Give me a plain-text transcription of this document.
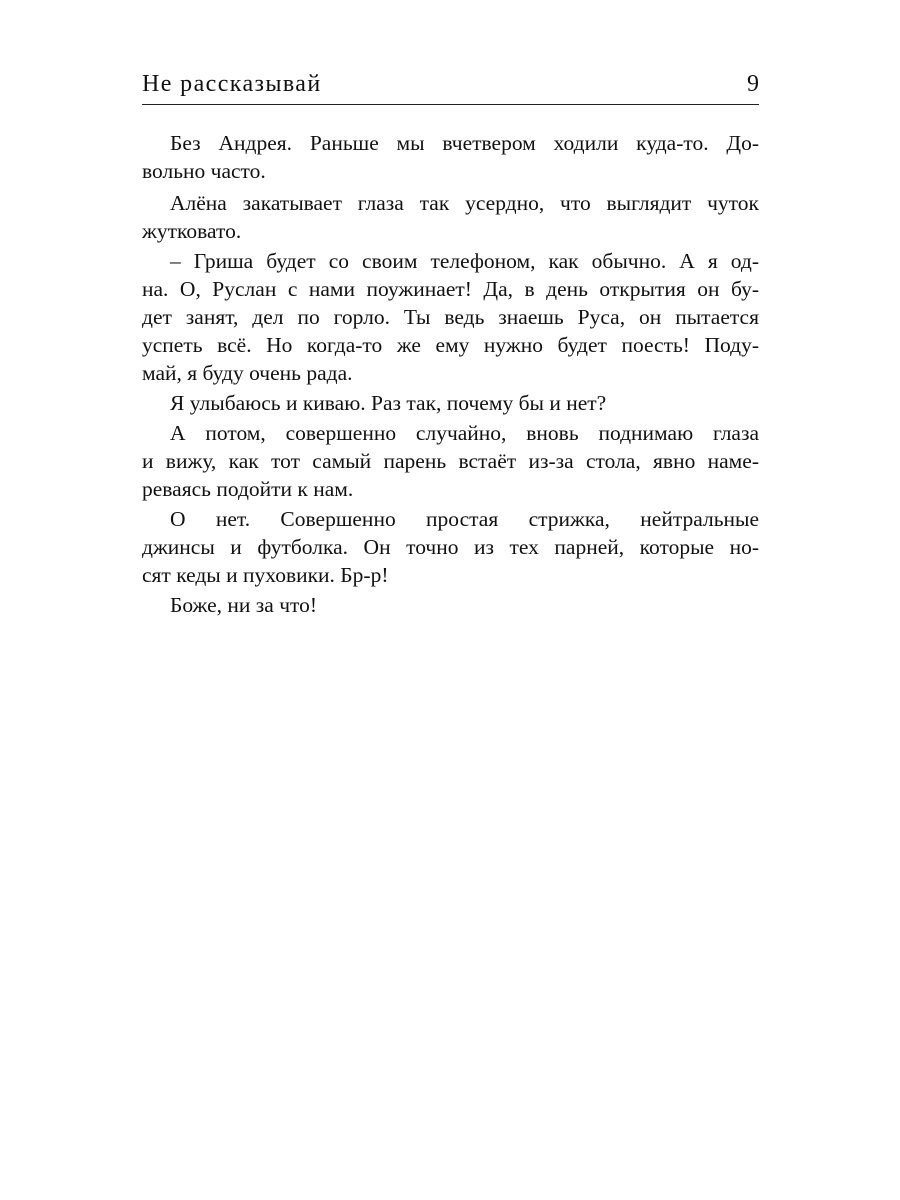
Не рассказывай	9
Без Андрея. Раньше мы вчетвером ходили куда-то. До-
вольно часто.
Алёна закатывает глаза так усердно, что выглядит чуток
жутковато.
– Гриша будет со своим телефоном, как обычно. А я од-
на. О, Руслан с нами поужинает! Да, в день открытия он бу-
дет занят, дел по горло. Ты ведь знаешь Руса, он пытается
успеть всё. Но когда-то же ему нужно будет поесть! Поду-
май, я буду очень рада.
Я улыбаюсь и киваю. Раз так, почему бы и нет?
А потом, совершенно случайно, вновь поднимаю глаза
и вижу, как тот самый парень встаёт из-за стола, явно наме-
реваясь подойти к нам.
О нет. Совершенно простая стрижка, нейтральные
джинсы и футболка. Он точно из тех парней, которые но-
сят кеды и пуховики. Бр-р!
Боже, ни за что!
